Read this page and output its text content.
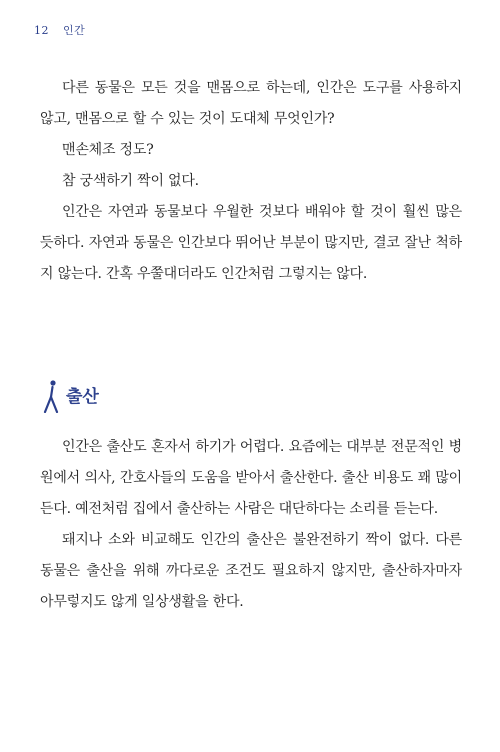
12 인간

다른 동물은 모든 것을 맨몸으로 하는데, 인간은 도구를 사용하지 않고, 맨몸으로 할 수 있는 것이 도대체 무엇인가?

맨손체조 정도?

참 궁색하기 짝이 없다.

인간은 자연과 동물보다 우월한 것보다 배워야 할 것이 훨씬 많은 듯하다. 자연과 동물은 인간보다 뛰어난 부분이 많지만, 결코 잘난 척하지 않는다. 간혹 우쭐대더라도 인간처럼 그렇지는 않다.

출산

인간은 출산도 혼자서 하기가 어렵다. 요즘에는 대부분 전문적인 병원에서 의사, 간호사들의 도움을 받아서 출산한다. 출산 비용도 꽤 많이 든다. 예전처럼 집에서 출산하는 사람은 대단하다는 소리를 듣는다.

돼지나 소와 비교해도 인간의 출산은 불완전하기 짝이 없다. 다른 동물은 출산을 위해 까다로운 조건도 필요하지 않지만, 출산하자마자 아무렇지도 않게 일상생활을 한다.
